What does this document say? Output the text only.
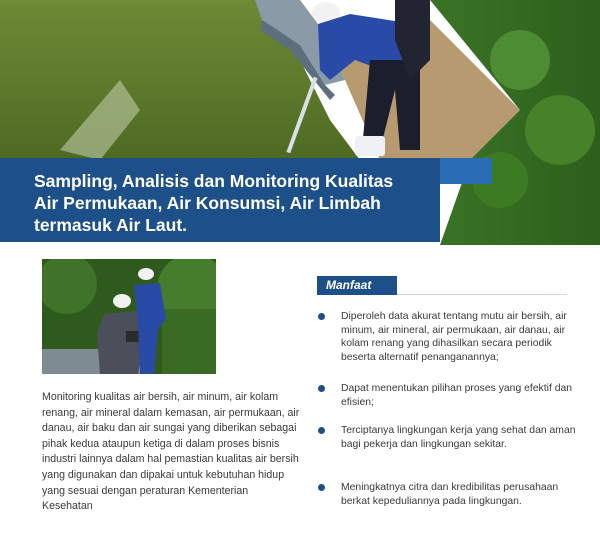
Sampling, Analisis dan Monitoring Kualitas
Air Permukaan, Air Konsumsi, Air Limbah
termasuk Air Laut.

Monitoring kualitas air bersih, air minum, air kolam renang, air mineral dalam kemasan, air permukaan, air danau, air baku dan air sungai yang diberikan sebagai pihak kedua ataupun ketiga di dalam proses bisnis industri lainnya dalam hal pemastian kualitas air bersih yang digunakan dan dipakai untuk kebutuhan hidup yang sesuai dengan peraturan Kementerian Kesehatan

Manfaat
Diperoleh data akurat tentang mutu air bersih, air minum, air mineral, air permukaan, air danau, air kolam renang yang dihasilkan secara periodik beserta alternatif penanganannya;
Dapat menentukan pilihan proses yang efektif dan efisien;
Terciptanya lingkungan kerja yang sehat dan aman bagi pekerja dan lingkungan sekitar.
Meningkatnya citra dan kredibilitas perusahaan berkat kepeduliannya pada lingkungan.
